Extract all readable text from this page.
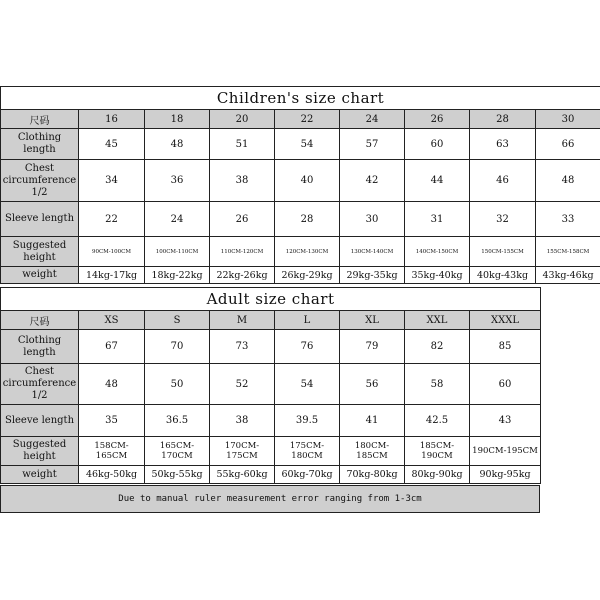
Children's size chart								
尺码	16	18	20	22	24	26	28	30
Clothing length	45	48	51	54	57	60	63	66
Chest circumference 1/2	34	36	38	40	42	44	46	48
Sleeve length	22	24	26	28	30	31	32	33
Suggested height	90CM-100CM	100CM-110CM	110CM-120CM	120CM-130CM	130CM-140CM	140CM-150CM	150CM-155CM	155CM-158CM
weight	14kg-17kg	18kg-22kg	22kg-26kg	26kg-29kg	29kg-35kg	35kg-40kg	40kg-43kg	43kg-46kg
Adult size chart							
尺码	XS	S	M	L	XL	XXL	XXXL
Clothing length	67	70	73	76	79	82	85
Chest circumference 1/2	48	50	52	54	56	58	60
Sleeve length	35	36.5	38	39.5	41	42.5	43
Suggested height	158CM-165CM	165CM-170CM	170CM-175CM	175CM-180CM	180CM-185CM	185CM-190CM	190CM-195CM
weight	46kg-50kg	50kg-55kg	55kg-60kg	60kg-70kg	70kg-80kg	80kg-90kg	90kg-95kg
Due to manual ruler measurement error ranging from 1-3cm
